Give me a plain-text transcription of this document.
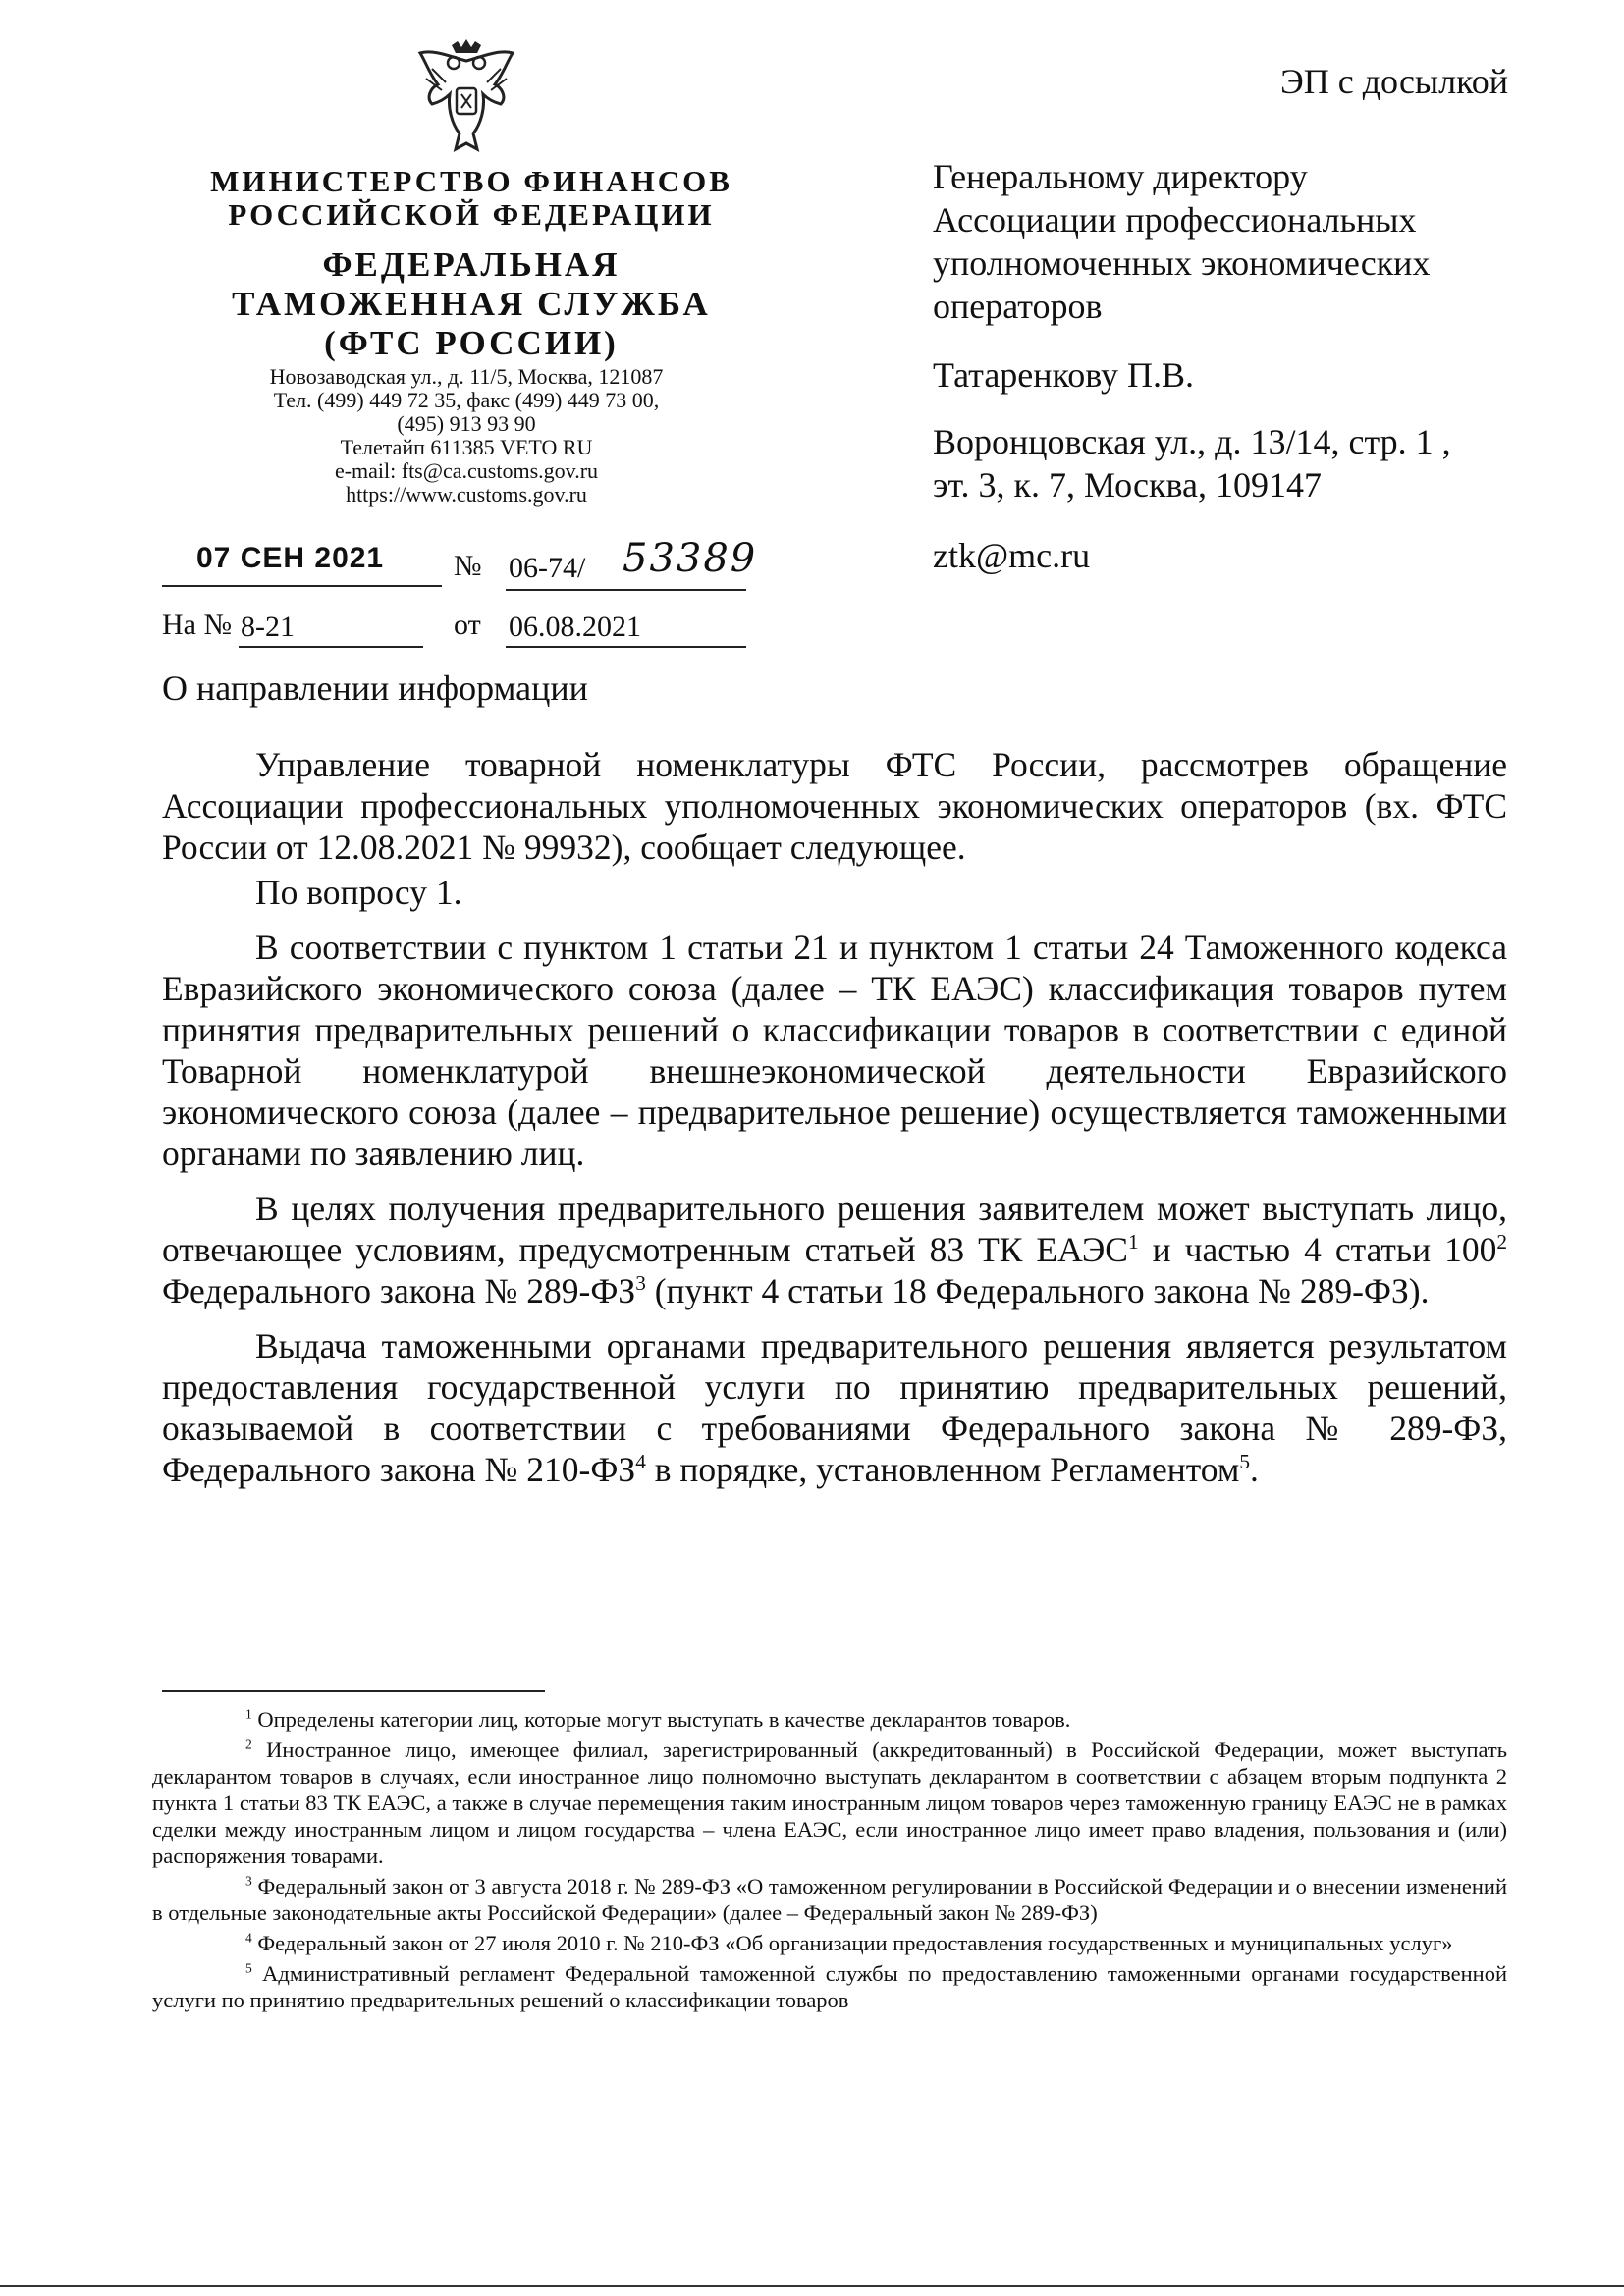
МИНИСТЕРСТВО ФИНАНСОВ
РОССИЙСКОЙ ФЕДЕРАЦИИ
ФЕДЕРАЛЬНАЯ
ТАМОЖЕННАЯ СЛУЖБА
(ФТС РОССИИ)
Новозаводская ул., д. 11/5, Москва, 121087
Тел. (499) 449 72 35, факс (499) 449 73 00,
(495) 913 93 90
Телетайп 611385 VETO RU
e-mail: fts@ca.customs.gov.ru
https://www.customs.gov.ru
07 СЕН 2021 № 06-74/ 53389
На № 8-21	от 06.08.2021
ЭП с досылкой
Генеральному директору
Ассоциации профессиональных
уполномоченных экономических
операторов
Татаренкову П.В.
Воронцовская ул., д. 13/14, стр. 1 ,
эт. 3, к. 7, Москва, 109147
ztk@mc.ru
О направлении информации

Управление товарной номенклатуры ФТС России, рассмотрев обращение Ассоциации профессиональных уполномоченных экономических операторов (вх. ФТС России от 12.08.2021 № 99932), сообщает следующее.

По вопросу 1.

В соответствии с пунктом 1 статьи 21 и пунктом 1 статьи 24 Таможенного кодекса Евразийского экономического союза (далее – ТК ЕАЭС) классификация товаров путем принятия предварительных решений о классификации товаров в соответствии с единой Товарной номенклатурой внешнеэкономической деятельности Евразийского экономического союза (далее – предварительное решение) осуществляется таможенными органами по заявлению лиц.

В целях получения предварительного решения заявителем может выступать лицо, отвечающее условиям, предусмотренным статьей 83 ТК ЕАЭС$^1$ и частью 4 статьи $100^2$ Федерального закона № $289-ФЗ^3$ (пункт 4 статьи 18 Федерального закона № 289-ФЗ).

Выдача таможенными органами предварительного решения является результатом предоставления государственной услуги по принятию предварительных решений, оказываемой в соответствии с требованиями Федерального закона № 289-ФЗ, Федерального закона № $210-ФЗ^4$ в порядке, установленном Регламентом$^5$.

$^1$ Определены категории лиц, которые могут выступать в качестве декларантов товаров.

$^2$ Иностранное лицо, имеющее филиал, зарегистрированный (аккредитованный) в Российской Федерации, может выступать декларантом товаров в случаях, если иностранное лицо полномочно выступать декларантом в соответствии с абзацем вторым подпункта 2 пункта 1 статьи 83 ТК ЕАЭС, а также в случае перемещения таким иностранным лицом товаров через таможенную границу ЕАЭС не в рамках сделки между иностранным лицом и лицом государства – члена ЕАЭС, если иностранное лицо имеет право владения, пользования и (или) распоряжения товарами.

$^3$ Федеральный закон от 3 августа 2018 г. № 289-ФЗ «О таможенном регулировании в Российской Федерации и о внесении изменений в отдельные законодательные акты Российской Федерации» (далее – Федеральный закон № 289-ФЗ)

$^4$ Федеральный закон от 27 июля 2010 г. № 210-ФЗ «Об организации предоставления государственных и муниципальных услуг»

$^5$ Административный регламент Федеральной таможенной службы по предоставлению таможенными органами государственной услуги по принятию предварительных решений о классификации товаров
